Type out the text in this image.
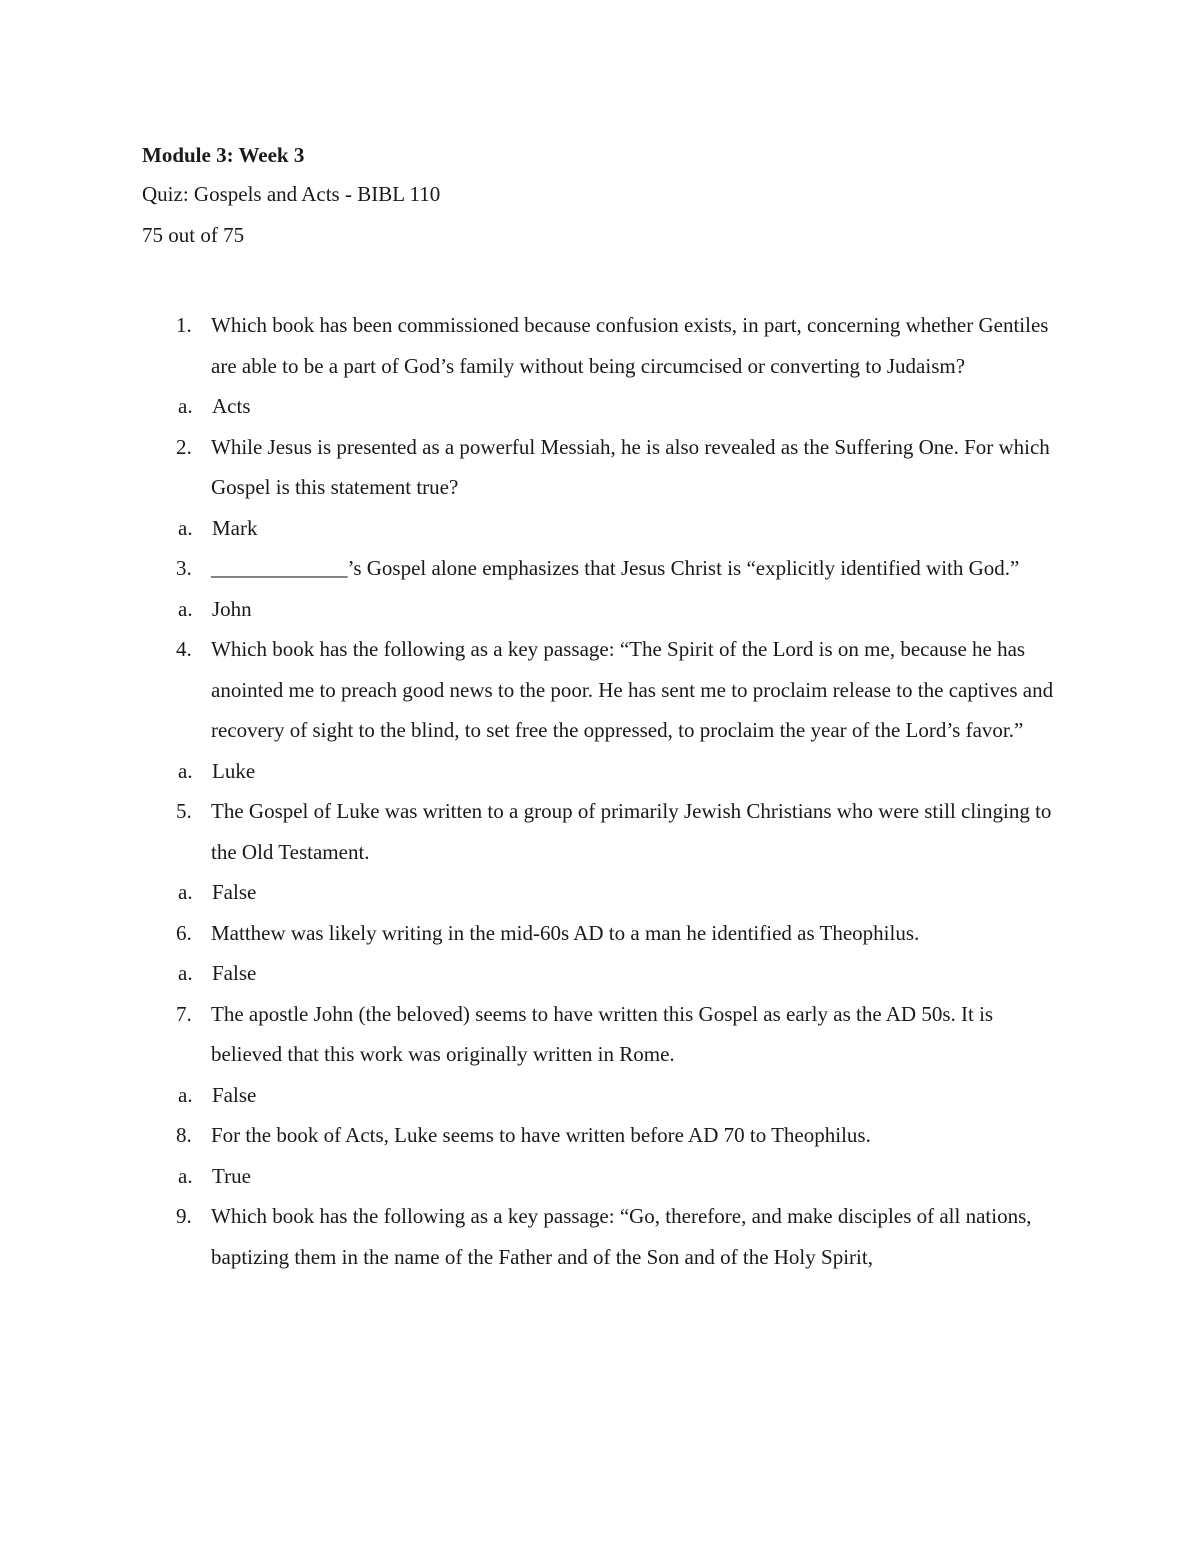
Module 3: Week 3
Quiz: Gospels and Acts - BIBL 110
75 out of 75
1. Which book has been commissioned because confusion exists, in part, concerning whether Gentiles are able to be a part of God’s family without being circumcised or converting to Judaism?
a. Acts
2. While Jesus is presented as a powerful Messiah, he is also revealed as the Suffering One. For which Gospel is this statement true?
a. Mark
3. _____________’s Gospel alone emphasizes that Jesus Christ is “explicitly identified with God.”
a. John
4. Which book has the following as a key passage: “The Spirit of the Lord is on me, because he has anointed me to preach good news to the poor. He has sent me to proclaim release to the captives and recovery of sight to the blind, to set free the oppressed, to proclaim the year of the Lord’s favor.”
a. Luke
5. The Gospel of Luke was written to a group of primarily Jewish Christians who were still clinging to the Old Testament.
a. False
6. Matthew was likely writing in the mid-60s AD to a man he identified as Theophilus.
a. False
7. The apostle John (the beloved) seems to have written this Gospel as early as the AD 50s. It is believed that this work was originally written in Rome.
a. False
8. For the book of Acts, Luke seems to have written before AD 70 to Theophilus.
a. True
9. Which book has the following as a key passage: “Go, therefore, and make disciples of all nations, baptizing them in the name of the Father and of the Son and of the Holy Spirit,
